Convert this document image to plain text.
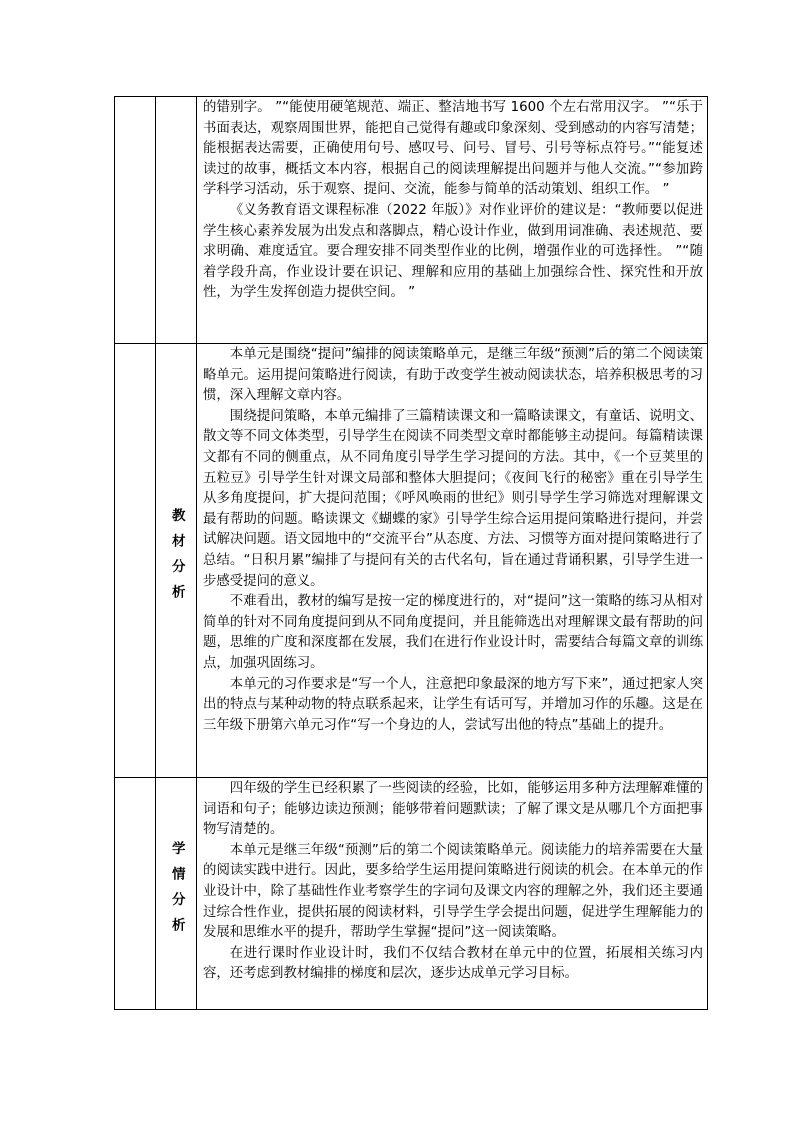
		的错别字。 ”“能使用硬笔规范、端正、整洁地书写 1600 个左右常用汉字。 ”“乐于书面表达，观察周围世界，能把自己觉得有趣或印象深刻、受到感动的内容写清楚；能根据表达需要，正确使用句号、感叹号、问号、冒号、引号等标点符号。”“能复述读过的故事，概括文本内容，根据自己的阅读理解提出问题并与他人交流。”“参加跨学科学习活动，乐于观察、提问、交流，能参与简单的活动策划、组织工作。 ”

《义务教育语文课程标准（2022 年版）》对作业评价的建议是：“教师要以促进学生核心素养发展为出发点和落脚点，精心设计作业，做到用词准确、表述规范、要求明确、难度适宜。要合理安排不同类型作业的比例，增强作业的可选择性。 ”“随着学段升高，作业设计要在识记、理解和应用的基础上加强综合性、探究性和开放性，为学生发挥创造力提供空间。 ”

	教材分析	本单元是围绕“提问”编排的阅读策略单元，是继三年级“预测”后的第二个阅读策略单元。运用提问策略进行阅读，有助于改变学生被动阅读状态，培养积极思考的习惯，深入理解文章内容。

围绕提问策略，本单元编排了三篇精读课文和一篇略读课文，有童话、说明文、散文等不同文体类型，引导学生在阅读不同类型文章时都能够主动提问。每篇精读课文都有不同的侧重点，从不同角度引导学生学习提问的方法。其中，《一个豆荚里的五粒豆》引导学生针对课文局部和整体大胆提问；《夜间飞行的秘密》重在引导学生从多角度提问，扩大提问范围；《呼风唤雨的世纪》则引导学生学习筛选对理解课文最有帮助的问题。略读课文《蝴蝶的家》引导学生综合运用提问策略进行提问，并尝试解决问题。语文园地中的“交流平台”从态度、方法、习惯等方面对提问策略进行了总结。“日积月累”编排了与提问有关的古代名句，旨在通过背诵积累，引导学生进一步感受提问的意义。

不难看出，教材的编写是按一定的梯度进行的，对“提问”这一策略的练习从相对简单的针对不同角度提问到从不同角度提问，并且能筛选出对理解课文最有帮助的问题，思维的广度和深度都在发展，我们在进行作业设计时，需要结合每篇文章的训练点，加强巩固练习。

本单元的习作要求是“写一个人，注意把印象最深的地方写下来”，通过把家人突出的特点与某种动物的特点联系起来，让学生有话可写，并增加习作的乐趣。这是在三年级下册第六单元习作“写一个身边的人，尝试写出他的特点”基础上的提升。

	学情分析	四年级的学生已经积累了一些阅读的经验，比如，能够运用多种方法理解难懂的词语和句子；能够边读边预测；能够带着问题默读；了解了课文是从哪几个方面把事物写清楚的。

本单元是继三年级“预测”后的第二个阅读策略单元。阅读能力的培养需要在大量的阅读实践中进行。因此，要多给学生运用提问策略进行阅读的机会。在本单元的作业设计中，除了基础性作业考察学生的字词句及课文内容的理解之外，我们还主要通过综合性作业，提供拓展的阅读材料，引导学生学会提出问题，促进学生理解能力的发展和思维水平的提升，帮助学生掌握“提问”这一阅读策略。

在进行课时作业设计时，我们不仅结合教材在单元中的位置，拓展相关练习内容，还考虑到教材编排的梯度和层次，逐步达成单元学习目标。
